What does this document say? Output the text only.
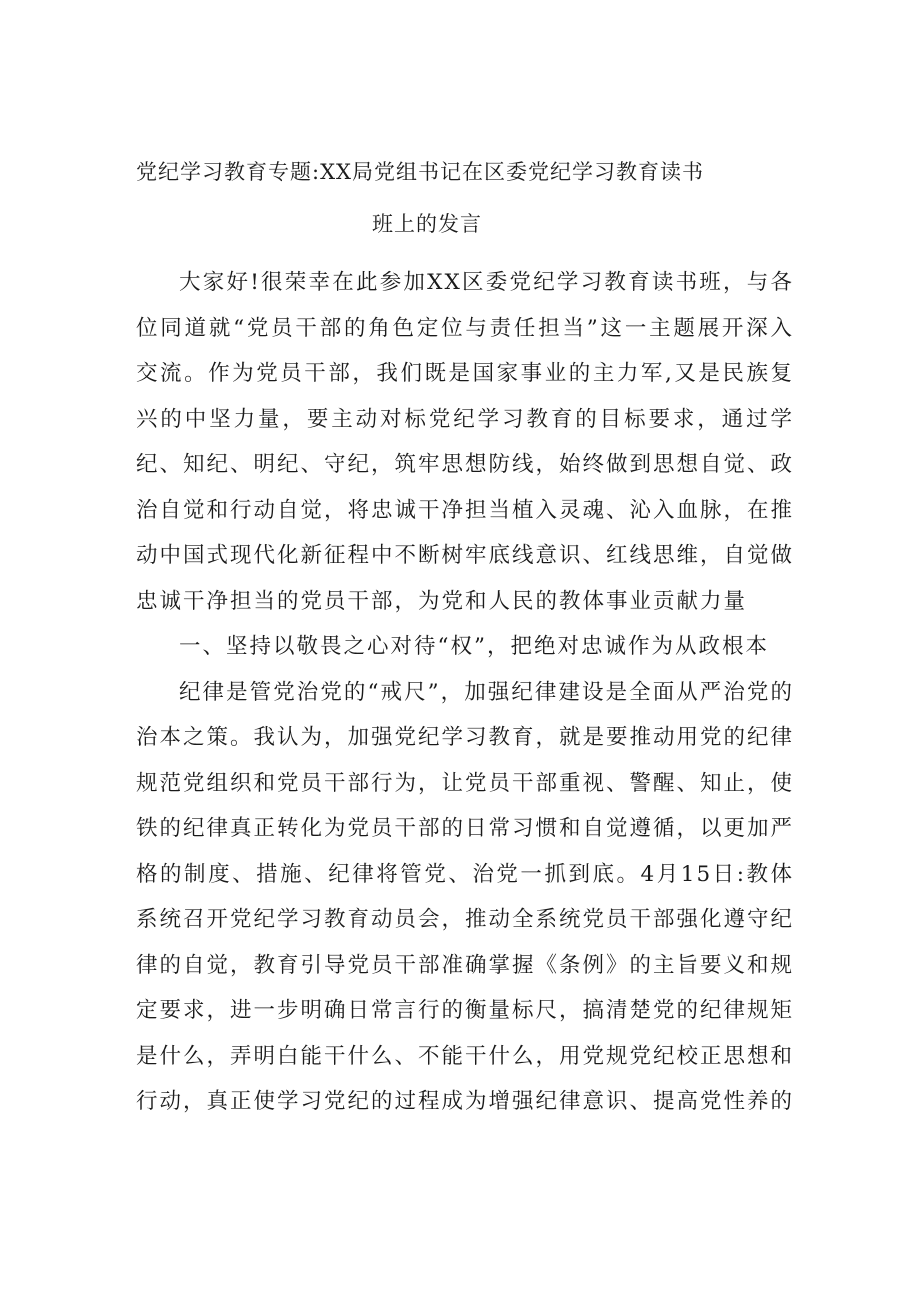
党纪学习教育专题:XX局党组书记在区委党纪学习教育读书
班上的发言

大家好!很荣幸在此参加XX区委党纪学习教育读书班，与各位同道就“党员干部的角色定位与责任担当”这一主题展开深入交流。作为党员干部，我们既是国家事业的主力军,又是民族复兴的中坚力量，要主动对标党纪学习教育的目标要求，通过学纪、知纪、明纪、守纪，筑牢思想防线，始终做到思想自觉、政治自觉和行动自觉，将忠诚干净担当植入灵魂、沁入血脉，在推动中国式现代化新征程中不断树牢底线意识、红线思维，自觉做忠诚干净担当的党员干部，为党和人民的教体事业贡献力量

一、坚持以敬畏之心对待“权”，把绝对忠诚作为从政根本

纪律是管党治党的“戒尺”，加强纪律建设是全面从严治党的治本之策。我认为，加强党纪学习教育，就是要推动用党的纪律规范党组织和党员干部行为，让党员干部重视、警醒、知止，使铁的纪律真正转化为党员干部的日常习惯和自觉遵循，以更加严格的制度、措施、纪律将管党、治党一抓到底。4月15日:教体系统召开党纪学习教育动员会，推动全系统党员干部强化遵守纪律的自觉，教育引导党员干部准确掌握《条例》的主旨要义和规定要求，进一步明确日常言行的衡量标尺，搞清楚党的纪律规矩是什么，弄明白能干什么、不能干什么，用党规党纪校正思想和行动，真正使学习党纪的过程成为增强纪律意识、提高党性养的
